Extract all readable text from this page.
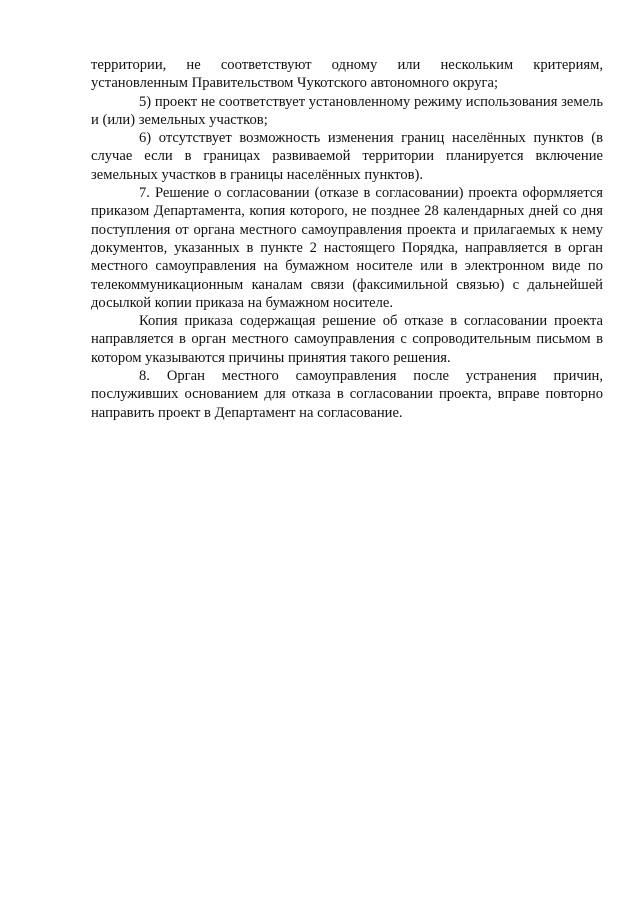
территории, не соответствуют одному или нескольким критериям, установленным Правительством Чукотского автономного округа;

5) проект не соответствует установленному режиму использования земель и (или) земельных участков;

6) отсутствует возможность изменения границ населённых пунктов (в случае если в границах развиваемой территории планируется включение земельных участков в границы населённых пунктов).

7. Решение о согласовании (отказе в согласовании) проекта оформляется приказом Департамента, копия которого, не позднее 28 календарных дней со дня поступления от органа местного самоуправления проекта и прилагаемых к нему документов, указанных в пункте 2 настоящего Порядка, направляется в орган местного самоуправления на бумажном носителе или в электронном виде по телекоммуникационным каналам связи (факсимильной связью) с дальнейшей досылкой копии приказа на бумажном носителе.

Копия приказа содержащая решение об отказе в согласовании проекта направляется в орган местного самоуправления с сопроводительным письмом в котором указываются причины принятия такого решения.

8. Орган местного самоуправления после устранения причин, послуживших основанием для отказа в согласовании проекта, вправе повторно направить проект в Департамент на согласование.
